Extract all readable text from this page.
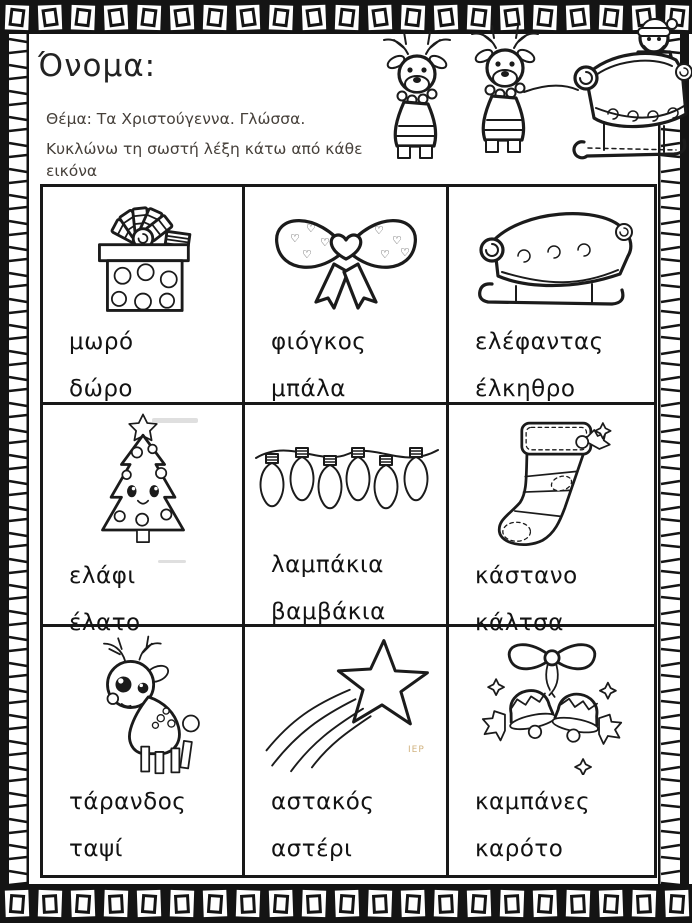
Όνομα:
Θέμα: Τα Χριστούγεννα. Γλώσσα.
Κυκλώνω τη σωστή λέξη κάτω από κάθε εικόνα
μωρό
δώρο
♡
♡
♡
♡
♡
♡
♡ ♡
φιόγκος
μπάλα
ελέφαντας
έλκηθρο
ελάφι
έλατο
λαμπάκια
βαμβάκια
κάστανο
κάλτσα
τάρανδος
ταψί
αστακός
αστέρι
καμπάνες
καρότο
ΙΕΡ
